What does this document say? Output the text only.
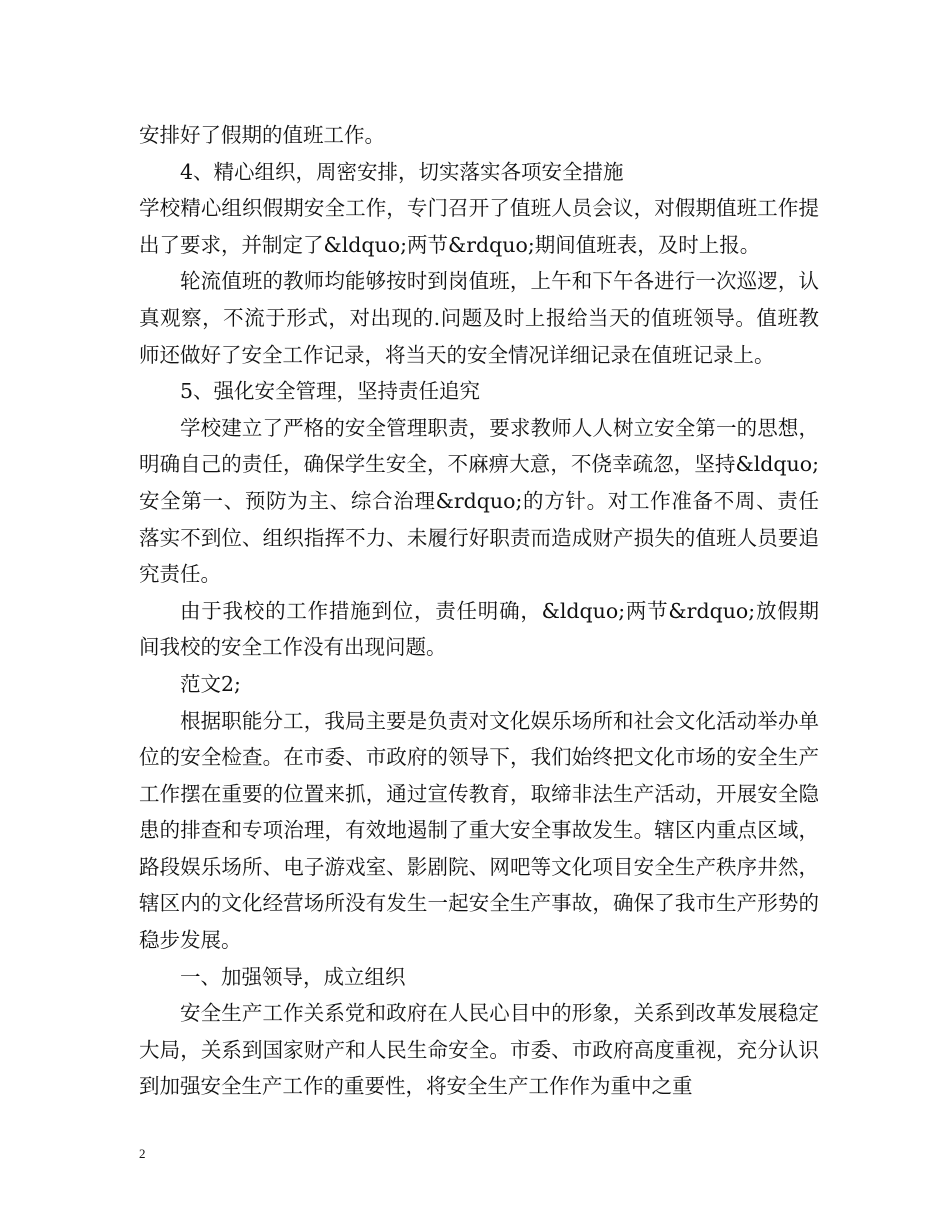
安排好了假期的值班工作。

4、精心组织，周密安排，切实落实各项安全措施

学校精心组织假期安全工作，专门召开了值班人员会议，对假期值班工作提出了要求，并制定了&ldquo;两节&rdquo;期间值班表，及时上报。

轮流值班的教师均能够按时到岗值班，上午和下午各进行一次巡逻，认真观察，不流于形式，对出现的.问题及时上报给当天的值班领导。值班教师还做好了安全工作记录，将当天的安全情况详细记录在值班记录上。

5、强化安全管理，坚持责任追究

学校建立了严格的安全管理职责，要求教师人人树立安全第一的思想，明确自己的责任，确保学生安全，不麻痹大意，不侥幸疏忽，坚持&ldquo;安全第一、预防为主、综合治理&rdquo;的方针。对工作准备不周、责任落实不到位、组织指挥不力、未履行好职责而造成财产损失的值班人员要追究责任。

由于我校的工作措施到位，责任明确，&ldquo;两节&rdquo;放假期间我校的安全工作没有出现问题。

范文2;

根据职能分工，我局主要是负责对文化娱乐场所和社会文化活动举办单位的安全检查。在市委、市政府的领导下，我们始终把文化市场的安全生产工作摆在重要的位置来抓，通过宣传教育，取缔非法生产活动，开展安全隐患的排查和专项治理，有效地遏制了重大安全事故发生。辖区内重点区域，路段娱乐场所、电子游戏室、影剧院、网吧等文化项目安全生产秩序井然，辖区内的文化经营场所没有发生一起安全生产事故，确保了我市生产形势的稳步发展。

一、加强领导，成立组织

安全生产工作关系党和政府在人民心目中的形象，关系到改革发展稳定大局，关系到国家财产和人民生命安全。市委、市政府高度重视，充分认识到加强安全生产工作的重要性，将安全生产工作作为重中之重

2
